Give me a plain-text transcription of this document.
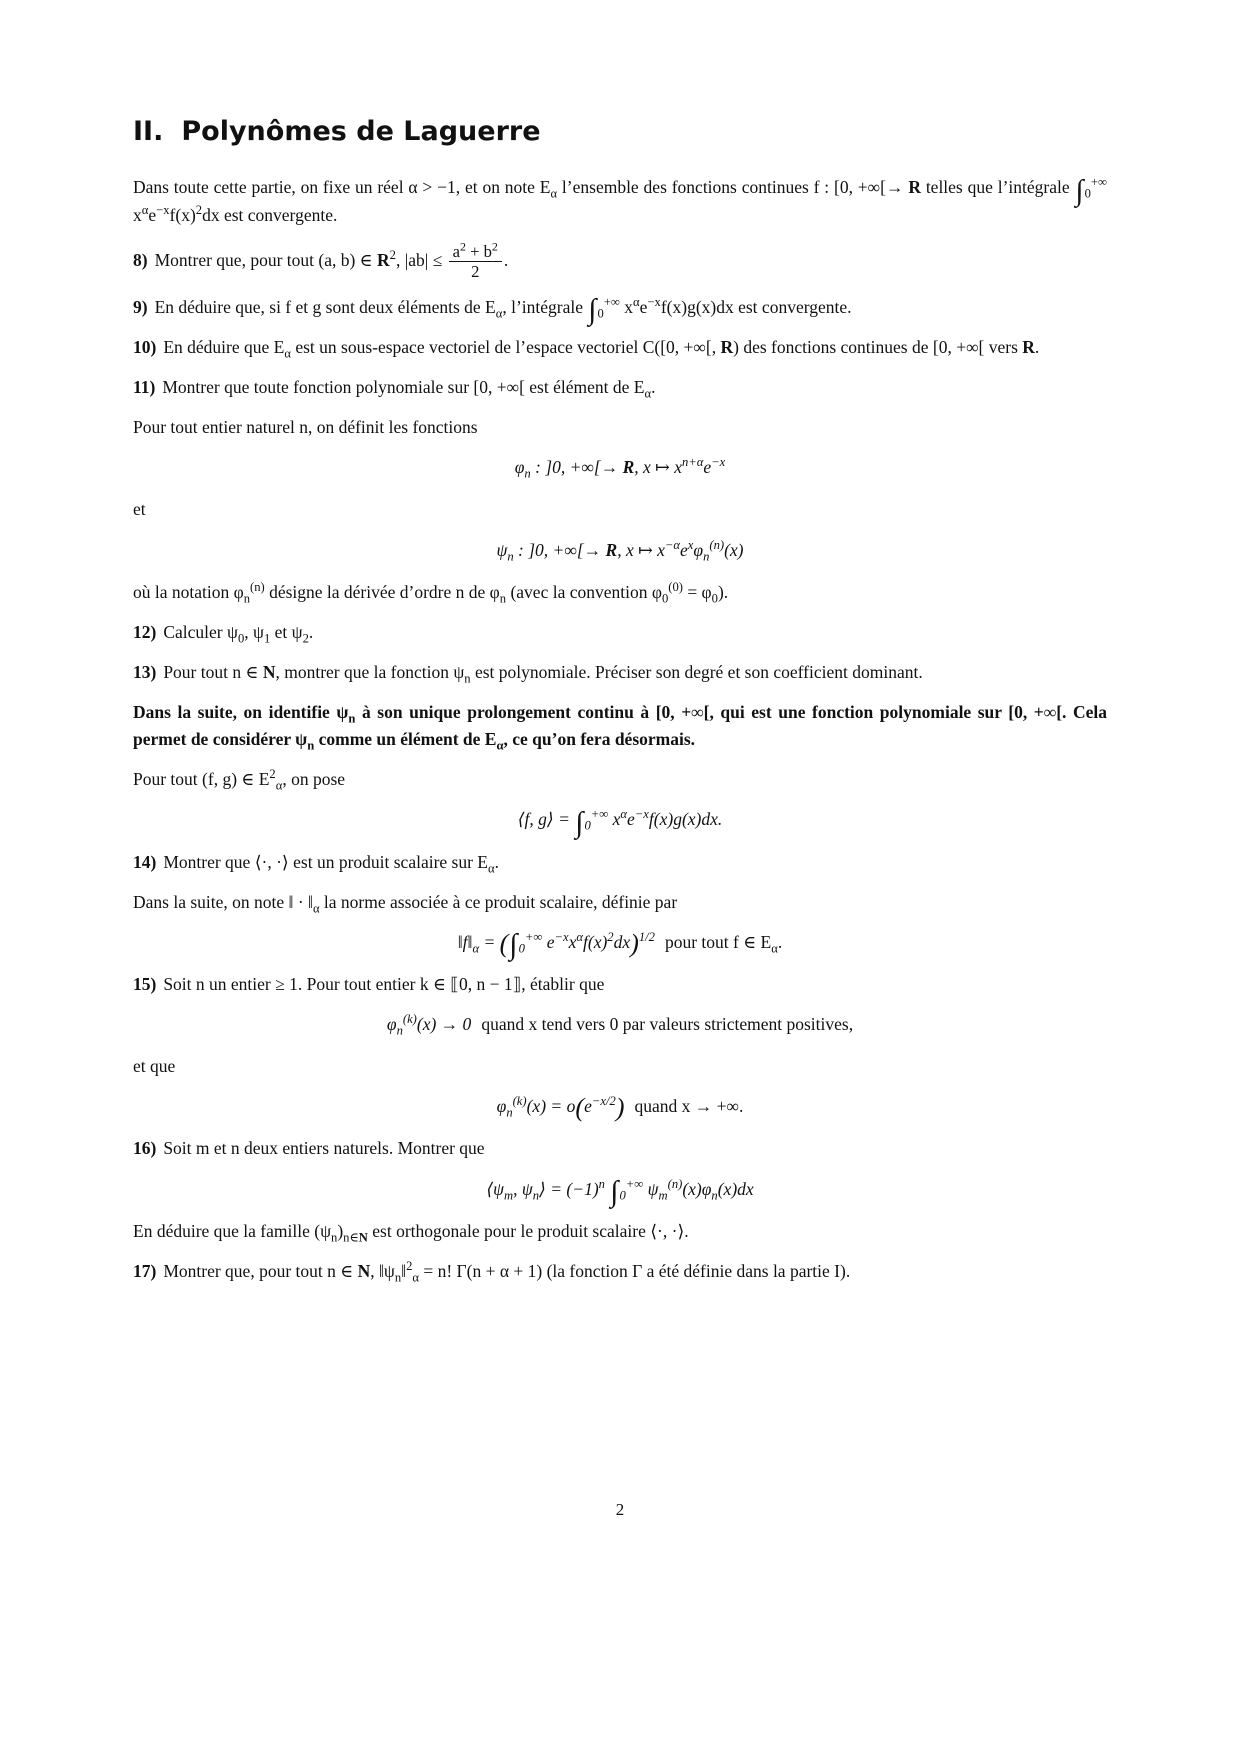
II. Polynômes de Laguerre

Dans toute cette partie, on fixe un réel α > −1, et on note $E_\alpha$ l’ensemble des fonctions continues f : [0, +∞[→ R telles que l’intégrale $\int_0^{+\infty}$ $x^\alpha e^{-x}f(x)^2dx$ est convergente.

8) Montrer que, pour tout (a, b) ∈ $R^2$, $|ab| \le \frac{a^2 + b^2}{2}$ .

9) En déduire que, si f et g sont deux éléments de $E_\alpha$, l’intégrale $\int_0^{+\infty}$ $x^\alpha e^{-x}f(x)g(x)dx$ est convergente.

10) En déduire que $E_\alpha$ est un sous-espace vectoriel de l’espace vectoriel C([0, +∞[, R) des fonctions continues de [0, +∞[ vers R.

11) Montrer que toute fonction polynomiale sur [0, +∞[ est élément de $E_\alpha$.

Pour tout entier naturel n, on définit les fonctions

$\varphi_n$ : ]0, +∞[→ R, x ↦ $x^{n+\alpha}e^{-x}$

et

$\psi_n$ : ]0, +∞[→ R, x ↦ $x^{-\alpha}e^x\varphi_n^{(n)}(x)$

où la notation $\varphi_n^{(n)}$ désigne la dérivée d’ordre n de $\varphi_n$ (avec la convention $\varphi_0^{(0)} = \varphi_0$).

12) Calculer $\psi_0$, $\psi_1$ et $\psi_2$.

13) Pour tout n ∈ N, montrer que la fonction $\psi_n$ est polynomiale. Préciser son degré et son coefficient dominant.

Dans la suite, on identifie $\psi_n$ à son unique prolongement continu à [0, +∞[, qui est une fonction polynomiale sur [0, +∞[. Cela permet de considérer $\psi_n$ comme un élément de $E_\alpha$, ce qu’on fera désormais.

Pour tout (f, g) ∈ $E^2_\alpha$, on pose

⟨f, g⟩ = $\int_0^{+\infty}$ $x^\alpha e^{-x}f(x)g(x)dx$.

14) Montrer que ⟨·, ·⟩ est un produit scalaire sur $E_\alpha$.

Dans la suite, on note ‖ · $‖_\alpha$ la norme associée à ce produit scalaire, définie par

$‖f‖_\alpha = (\int_0^{+\infty}$ $e^{-x}x^\alpha f(x)^2dx)^{1/2}$ pour tout f ∈ $E_\alpha$.

15) Soit n un entier ≥ 1. Pour tout entier k ∈ ⟦0, n − 1⟧, établir que

$\varphi_n^{(k)}(x) \to 0$ quand x tend vers 0 par valeurs strictement positives,

et que

$\varphi_n^{(k)}(x) = o(e^{-x/2})$ quand x → +∞.

16) Soit m et n deux entiers naturels. Montrer que

$⟨\psi_m$, $\psi_n⟩ = (-1)^n$ $\int_0^{+\infty}$ $\psi_m^{(n)}(x)\varphi_n(x)dx$

En déduire que la famille $(\psi_n)_{n\in N}$ est orthogonale pour le produit scalaire ⟨·, ·⟩.

17) Montrer que, pour tout n ∈ N, $‖\psi_n‖^2_\alpha = n$! Γ(n + α + 1) (la fonction Γ a été définie dans la partie I).

2
